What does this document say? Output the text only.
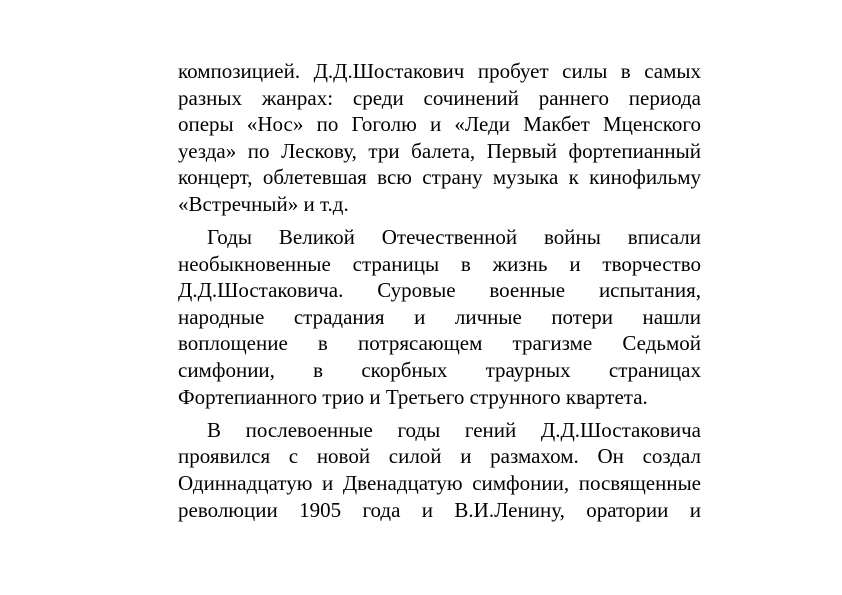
композицией. Д.Д.Шостакович пробует силы в самых
разных жанрах: среди сочинений раннего периода
оперы «Нос» по Гоголю и «Леди Макбет Мценского
уезда» по Лескову, три балета, Первый фортепианный
концерт, облетевшая всю страну музыка к кинофильму
«Встречный» и т.д.
Годы Великой Отечественной войны вписали
необыкновенные страницы в жизнь и творчество
Д.Д.Шостаковича. Суровые военные испытания,
народные страдания и личные потери нашли
воплощение в потрясающем трагизме Седьмой
симфонии, в скорбных траурных страницах
Фортепианного трио и Третьего струнного квартета.
В послевоенные годы гений Д.Д.Шостаковича
проявился с новой силой и размахом. Он создал
Одиннадцатую и Двенадцатую симфонии, посвященные
революции 1905 года и В.И.Ленину, оратории и
